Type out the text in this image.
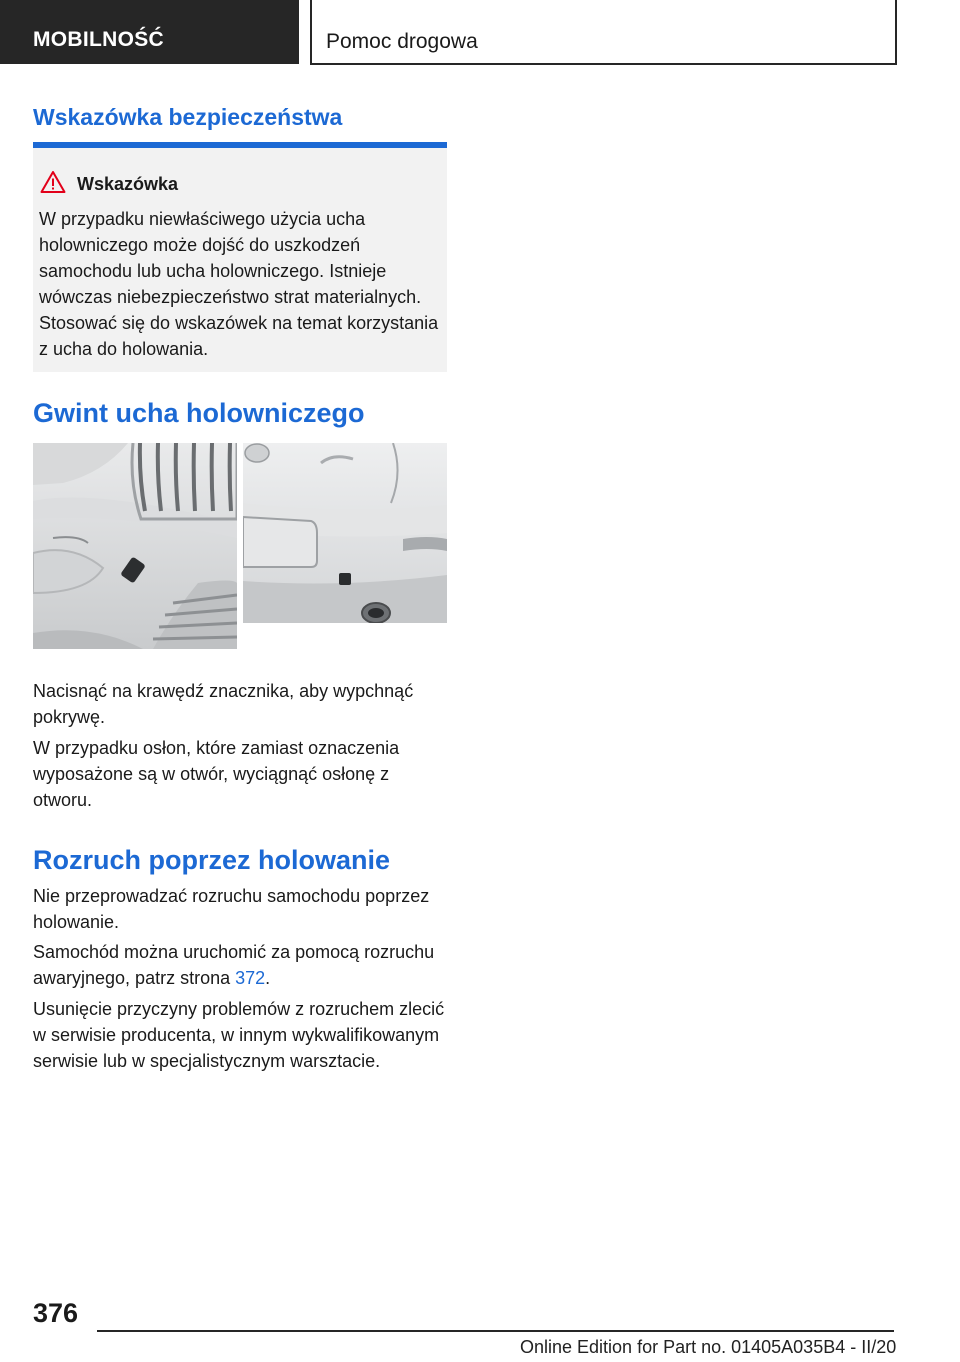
MOBILNOŚĆ	Pomoc drogowa
Wskazówka bezpieczeństwa
Wskazówka

W przypadku niewłaściwego użycia ucha holowniczego może dojść do uszkodzeń samochodu lub ucha holowniczego. Istnieje wówczas niebezpieczeństwo strat materialnych. Stosować się do wskazówek na temat korzystania z ucha do holowania.

Gwint ucha holowniczego

Nacisnąć na krawędź znacznika, aby wypchnąć pokrywę.

W przypadku osłon, które zamiast oznaczenia wyposażone są w otwór, wyciągnąć osłonę z otworu.

Rozruch poprzez holowanie

Nie przeprowadzać rozruchu samochodu poprzez holowanie.

Samochód można uruchomić za pomocą rozruchu awaryjnego, patrz strona 372.

Usunięcie przyczyny problemów z rozruchem zlecić w serwisie producenta, w innym wykwalifikowanym serwisie lub w specjalistycznym warsztacie.

376
Online Edition for Part no. 01405A035B4 - II/20
